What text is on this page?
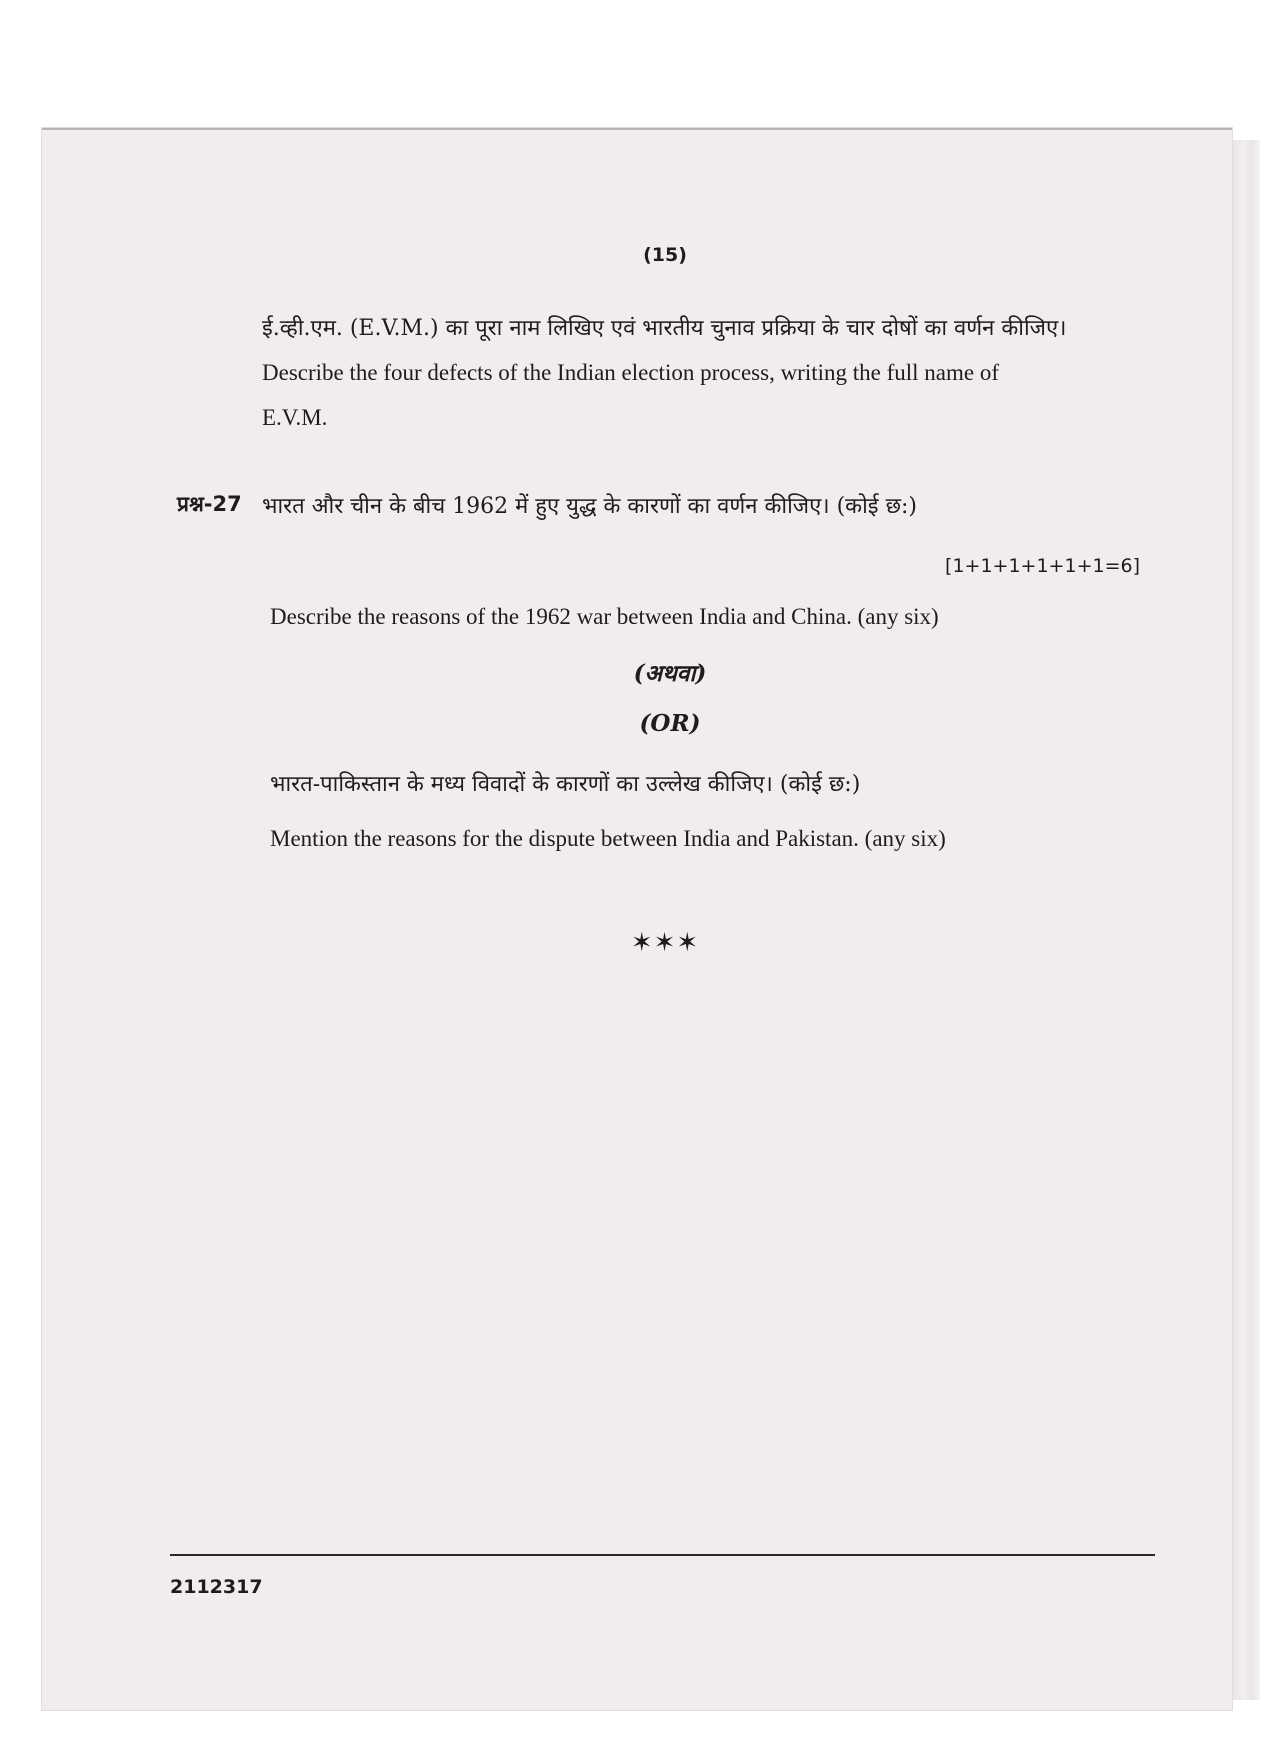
(15)
ई.व्ही.एम. (E.V.M.) का पूरा नाम लिखिए एवं भारतीय चुनाव प्रक्रिया के चार दोषों का वर्णन कीजिए।
Describe the four defects of the Indian election process, writing the full name of
E.V.M.
प्रश्न-27 भारत और चीन के बीच 1962 में हुए युद्ध के कारणों का वर्णन कीजिए। (कोई छ:)
[1+1+1+1+1+1=6]
Describe the reasons of the 1962 war between India and China. (any six)
(अथवा)
(OR)
भारत-पाकिस्तान के मध्य विवादों के कारणों का उल्लेख कीजिए। (कोई छ:)
Mention the reasons for the dispute between India and Pakistan. (any six)
✶✶✶
2112317
